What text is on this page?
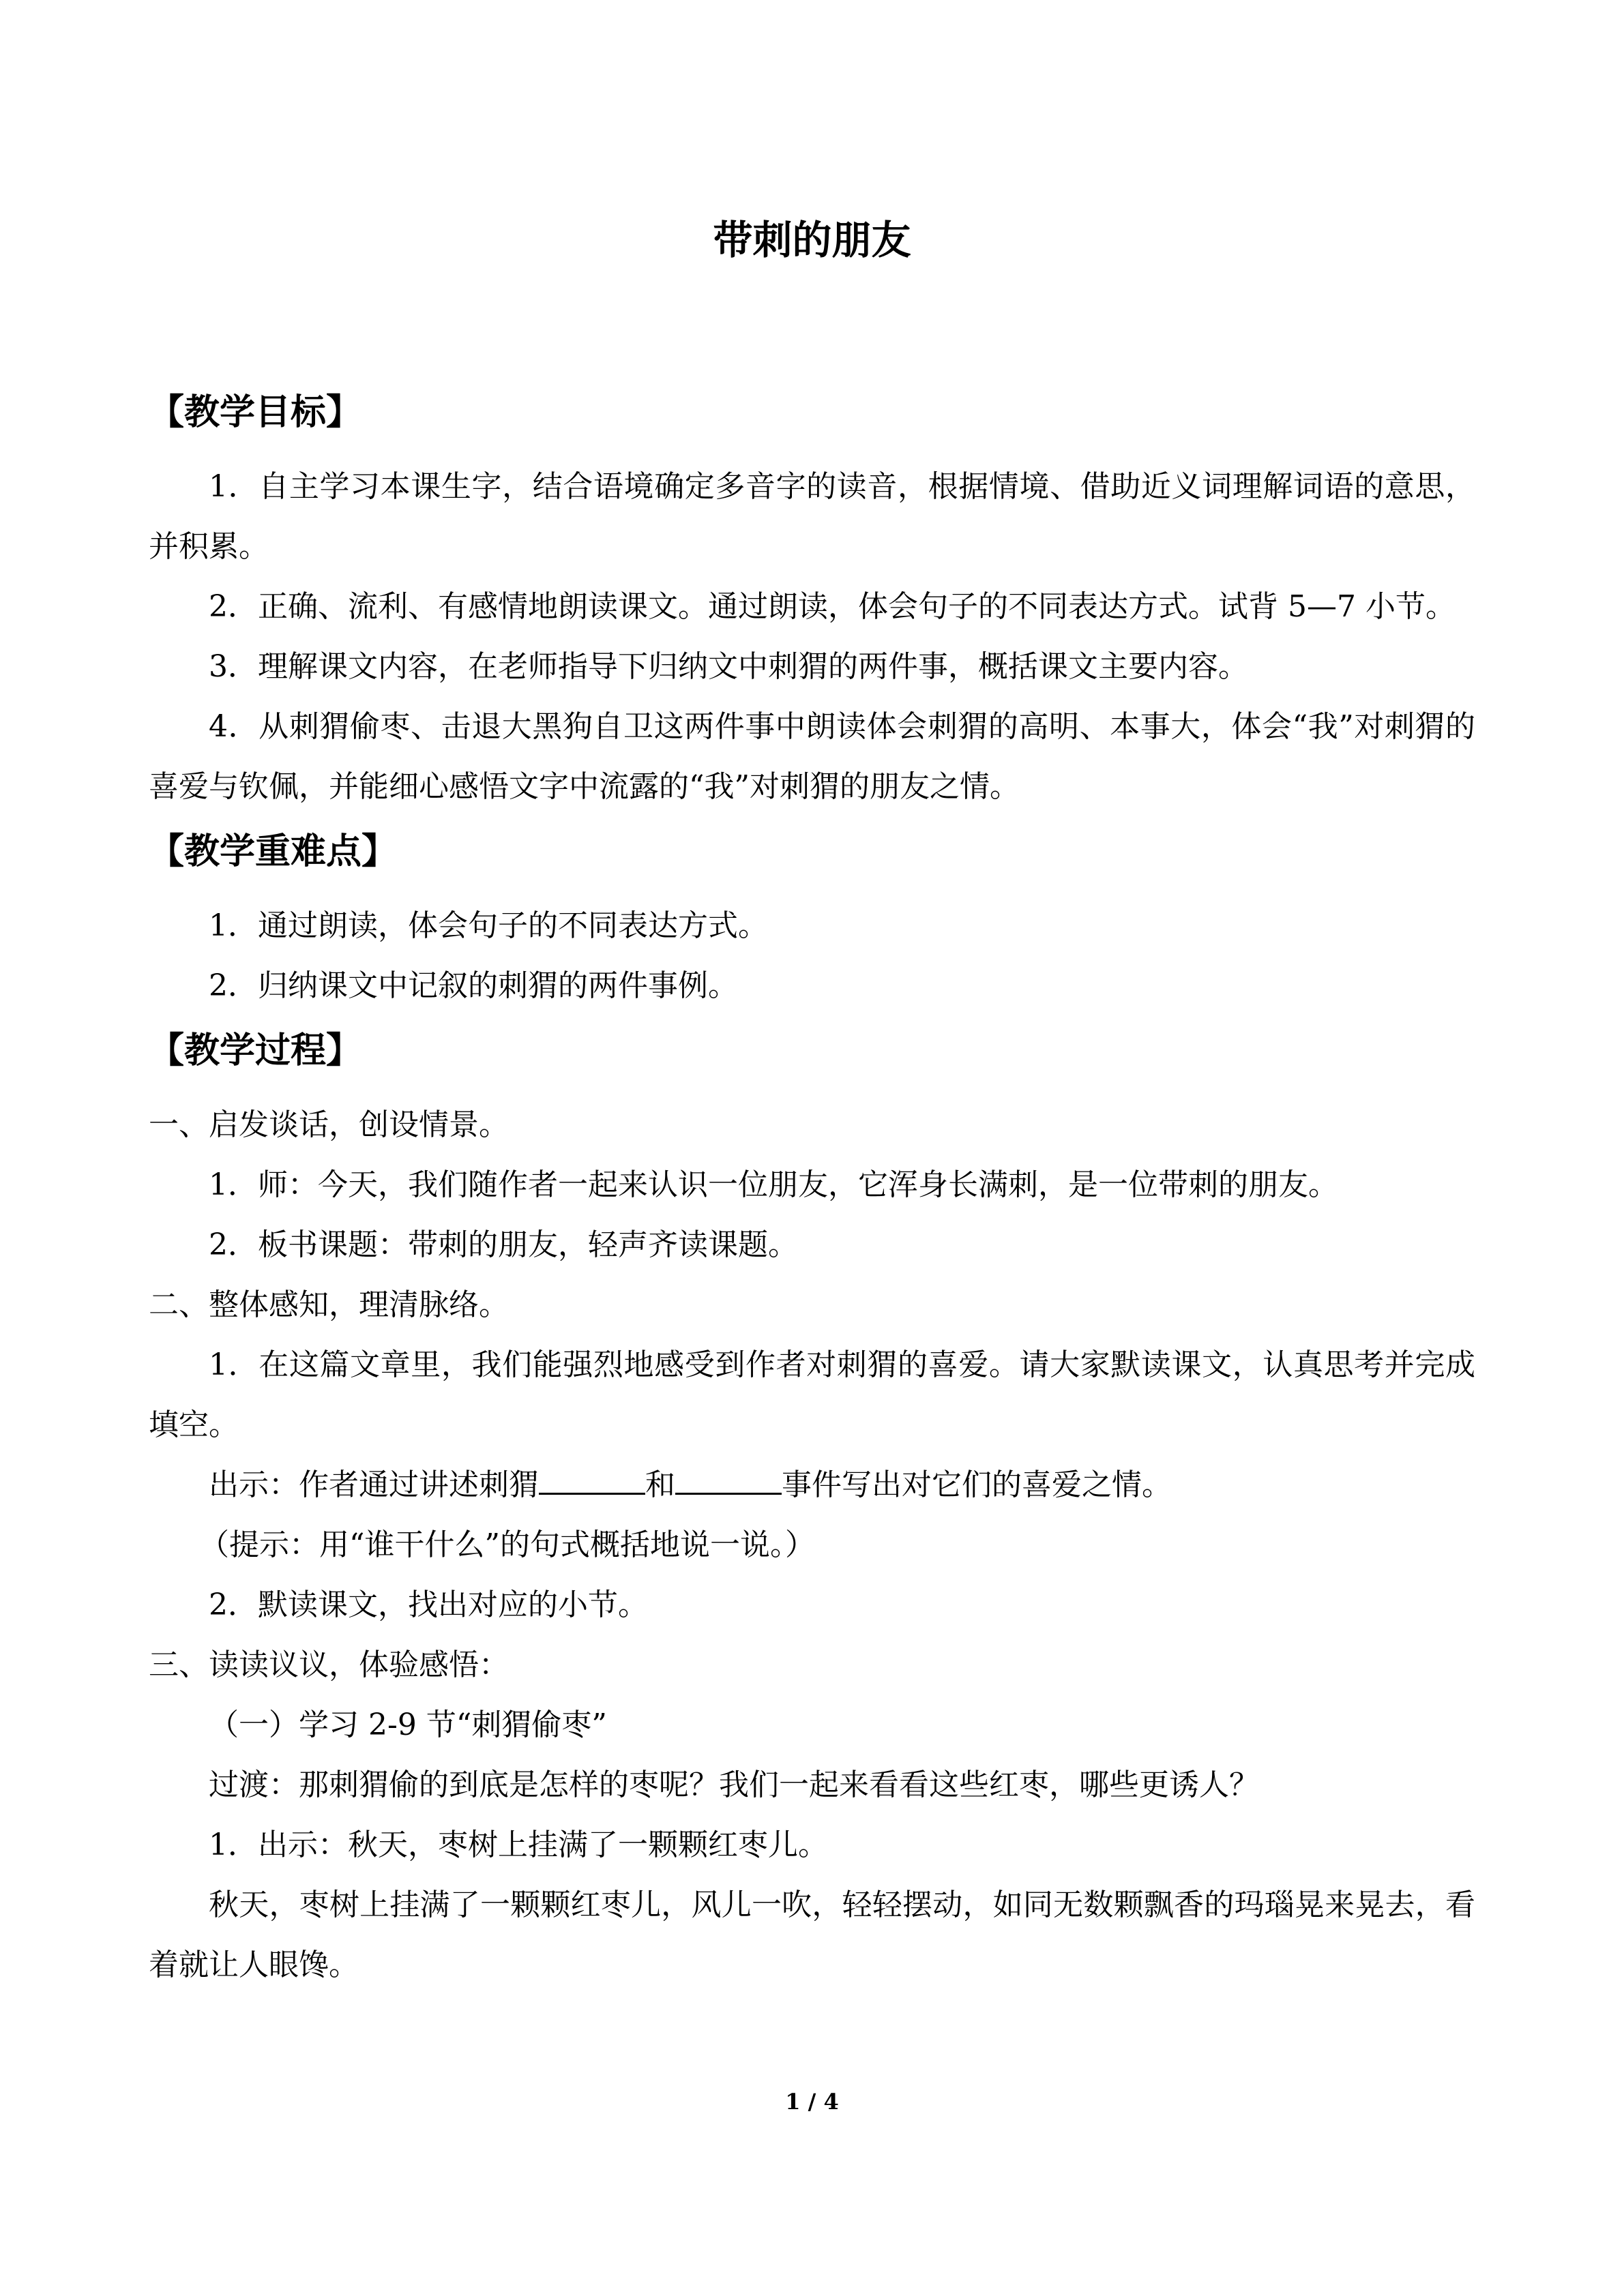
带刺的朋友
【教学目标】

1．自主学习本课生字，结合语境确定多音字的读音，根据情境、借助近义词理解词语的意思，并积累。

2．正确、流利、有感情地朗读课文。通过朗读，体会句子的不同表达方式。试背 5—7 小节。

3．理解课文内容，在老师指导下归纳文中刺猬的两件事，概括课文主要内容。

4．从刺猬偷枣、击退大黑狗自卫这两件事中朗读体会刺猬的高明、本事大，体会“我”对刺猬的喜爱与钦佩，并能细心感悟文字中流露的“我”对刺猬的朋友之情。

【教学重难点】

1．通过朗读，体会句子的不同表达方式。

2．归纳课文中记叙的刺猬的两件事例。

【教学过程】

一、启发谈话，创设情景。

1．师：今天，我们随作者一起来认识一位朋友，它浑身长满刺，是一位带刺的朋友。

2．板书课题：带刺的朋友，轻声齐读课题。

二、整体感知，理清脉络。

1．在这篇文章里，我们能强烈地感受到作者对刺猬的喜爱。请大家默读课文，认真思考并完成填空。

出示：作者通过讲述刺猬	和	事件写出对它们的喜爱之情。

（提示：用“谁干什么”的句式概括地说一说。）

2．默读课文，找出对应的小节。

三、读读议议，体验感悟：

（一）学习 2-9 节“刺猬偷枣”

过渡：那刺猬偷的到底是怎样的枣呢？我们一起来看看这些红枣，哪些更诱人？

1．出示：秋天，枣树上挂满了一颗颗红枣儿。

秋天，枣树上挂满了一颗颗红枣儿，风儿一吹，轻轻摆动，如同无数颗飘香的玛瑙晃来晃去，看着就让人眼馋。

1 / 4
